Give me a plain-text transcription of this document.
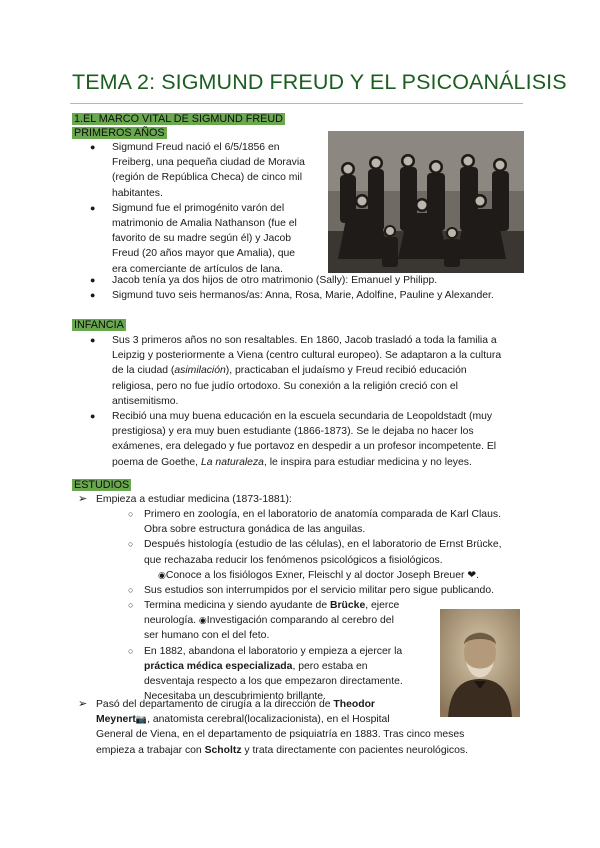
TEMA 2: SIGMUND FREUD Y EL PSICOANÁLISIS
1.EL MARCO VITAL DE SIGMUND FREUD
PRIMEROS AÑOS
●	Sigmund Freud nació el 6/5/1856 en
Freiberg, una pequeña ciudad de Moravia
(región de República Checa) de cinco mil
habitantes.
●	Sigmund fue el primogénito varón del
matrimonio de Amalia Nathanson (fue el
favorito de su madre según él) y Jacob
Freud (20 años mayor que Amalia), que
era comerciante de artículos de lana.
●	Jacob tenía ya dos hijos de otro matrimonio (Sally): Emanuel y Philipp.
●	Sigmund tuvo seis hermanos/as: Anna, Rosa, Marie, Adolfine, Pauline y Alexander.
INFANCIA
●	Sus 3 primeros años no son resaltables. En 1860, Jacob trasladó a toda la familia a
Leipzig y posteriormente a Viena (centro cultural europeo). Se adaptaron a la cultura
de la ciudad (asimilación), practicaban el judaísmo y Freud recibió educación
religiosa, pero no fue judío ortodoxo. Su conexión a la religión creció con el
antisemitismo.
●	Recibió una muy buena educación en la escuela secundaria de Leopoldstadt (muy
prestigiosa) y era muy buen estudiante (1866-1873). Se le dejaba no hacer los
exámenes, era delegado y fue portavoz en despedir a un profesor incompetente. El
poema de Goethe, La naturaleza, le inspira para estudiar medicina y no leyes.
ESTUDIOS
➢ Empieza a estudiar medicina (1873-1881):
○	Primero en zoología, en el laboratorio de anatomía comparada de Karl Claus.
Obra sobre estructura gonádica de las anguilas.
○	Después histología (estudio de las células), en el laboratorio de Ernst Brücke,
que rechazaba reducir los fenómenos psicológicos a fisiológicos.
◉Conoce a los fisiólogos Exner, Fleischl y al doctor Joseph Breuer ❤.
○	Sus estudios son interrumpidos por el servicio militar pero sigue publicando.
○	Termina medicina y siendo ayudante de Brücke, ejerce
neurología. ◉Investigación comparando al cerebro del
ser humano con el del feto.
○	En 1882, abandona el laboratorio y empieza a ejercer la
práctica médica especializada, pero estaba en
desventaja respecto a los que empezaron directamente.
Necesitaba un descubrimiento brillante.
➢ Pasó del departamento de cirugía a la dirección de Theodor
Meynert📷, anatomista cerebral(localizacionista), en el Hospital
General de Viena, en el departamento de psiquiatría en 1883. Tras cinco meses
empieza a trabajar con Scholtz y trata directamente con pacientes neurológicos.
